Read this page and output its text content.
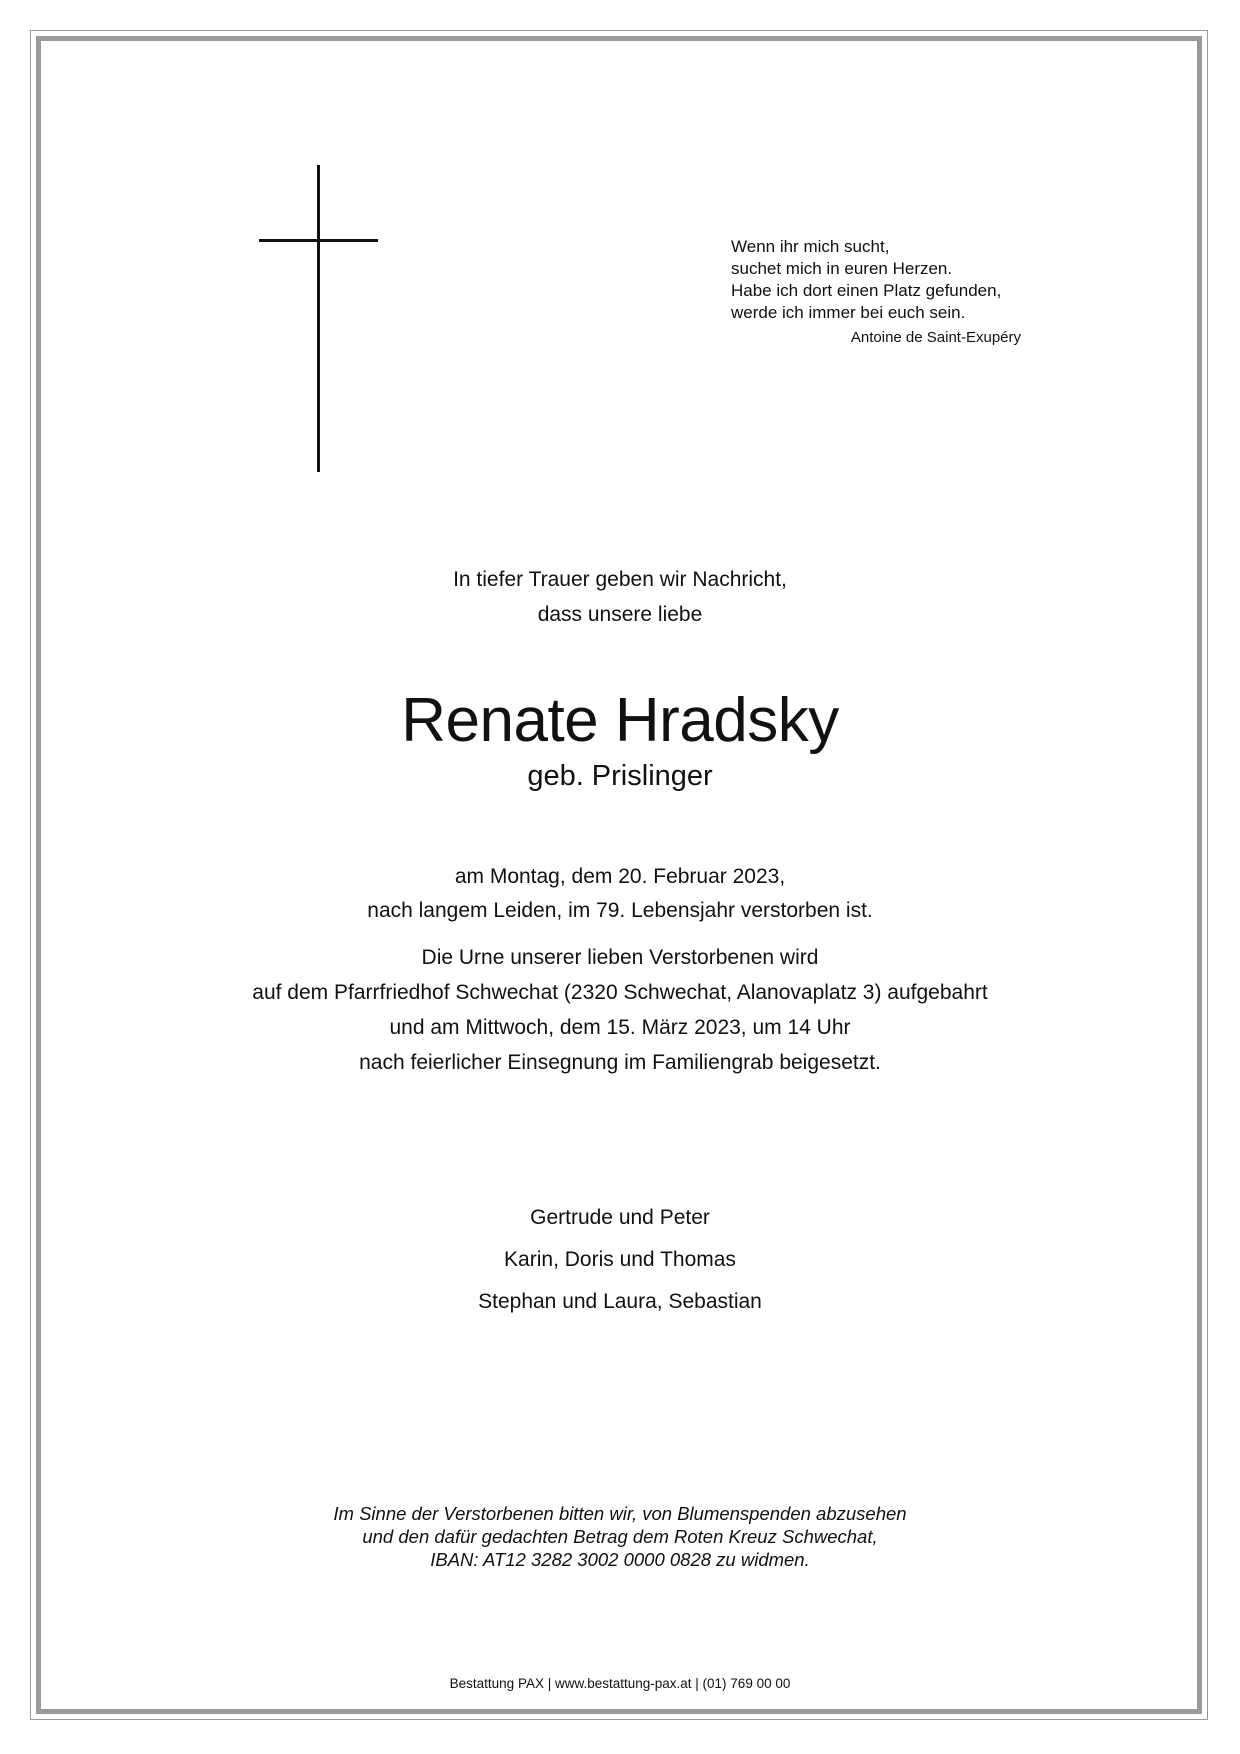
Wenn ihr mich sucht,
suchet mich in euren Herzen.
Habe ich dort einen Platz gefunden,
werde ich immer bei euch sein.
Antoine de Saint-Exupéry
In tiefer Trauer geben wir Nachricht,
dass unsere liebe
Renate Hradsky
geb. Prislinger
am Montag, dem 20. Februar 2023,
nach langem Leiden, im 79. Lebensjahr verstorben ist.
Die Urne unserer lieben Verstorbenen wird
auf dem Pfarrfriedhof Schwechat (2320 Schwechat, Alanovaplatz 3) aufgebahrt
und am Mittwoch, dem 15. März 2023, um 14 Uhr
nach feierlicher Einsegnung im Familiengrab beigesetzt.
Gertrude und Peter
Karin, Doris und Thomas
Stephan und Laura, Sebastian
Im Sinne der Verstorbenen bitten wir, von Blumenspenden abzusehen
und den dafür gedachten Betrag dem Roten Kreuz Schwechat,
IBAN: AT12 3282 3002 0000 0828 zu widmen.
Bestattung PAX | www.bestattung-pax.at | (01) 769 00 00
